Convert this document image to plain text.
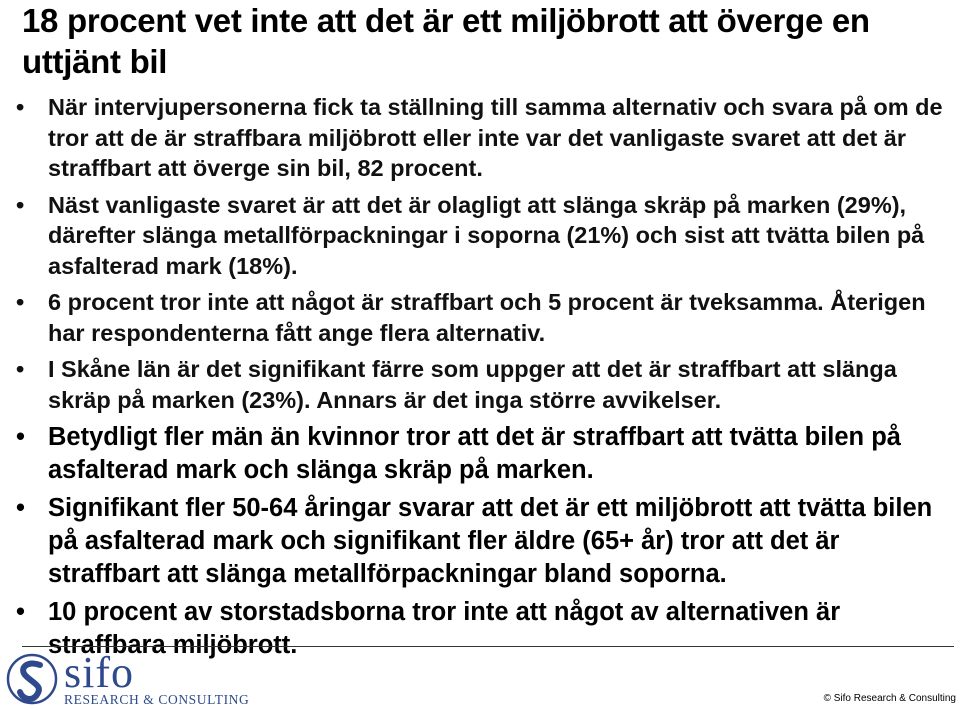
18 procent vet inte att det är ett miljöbrott att överge en uttjänt bil
• När intervjupersonerna fick ta ställning till samma alternativ och svara på om de tror att de är straffbara miljöbrott eller inte var det vanligaste svaret att det är straffbart att överge sin bil, 82 procent.
• Näst vanligaste svaret är att det är olagligt att slänga skräp på marken (29%), därefter slänga metallförpackningar i soporna (21%) och sist att tvätta bilen på asfalterad mark (18%).
• 6 procent tror inte att något är straffbart och 5 procent är tveksamma. Återigen har respondenterna fått ange flera alternativ.
• I Skåne län är det signifikant färre som uppger att det är straffbart att slänga skräp på marken (23%). Annars är det inga större avvikelser.
• Betydligt fler män än kvinnor tror att det är straffbart att tvätta bilen på asfalterad mark och slänga skräp på marken.
• Signifikant fler 50-64 åringar svarar att det är ett miljöbrott att tvätta bilen på asfalterad mark och signifikant fler äldre (65+ år) tror att det är straffbart att slänga metallförpackningar bland soporna.
• 10 procent av storstadsborna tror inte att något av alternativen är straffbara miljöbrott.
sifo
RESEARCH & CONSULTING	© Sifo Research & Consulting
